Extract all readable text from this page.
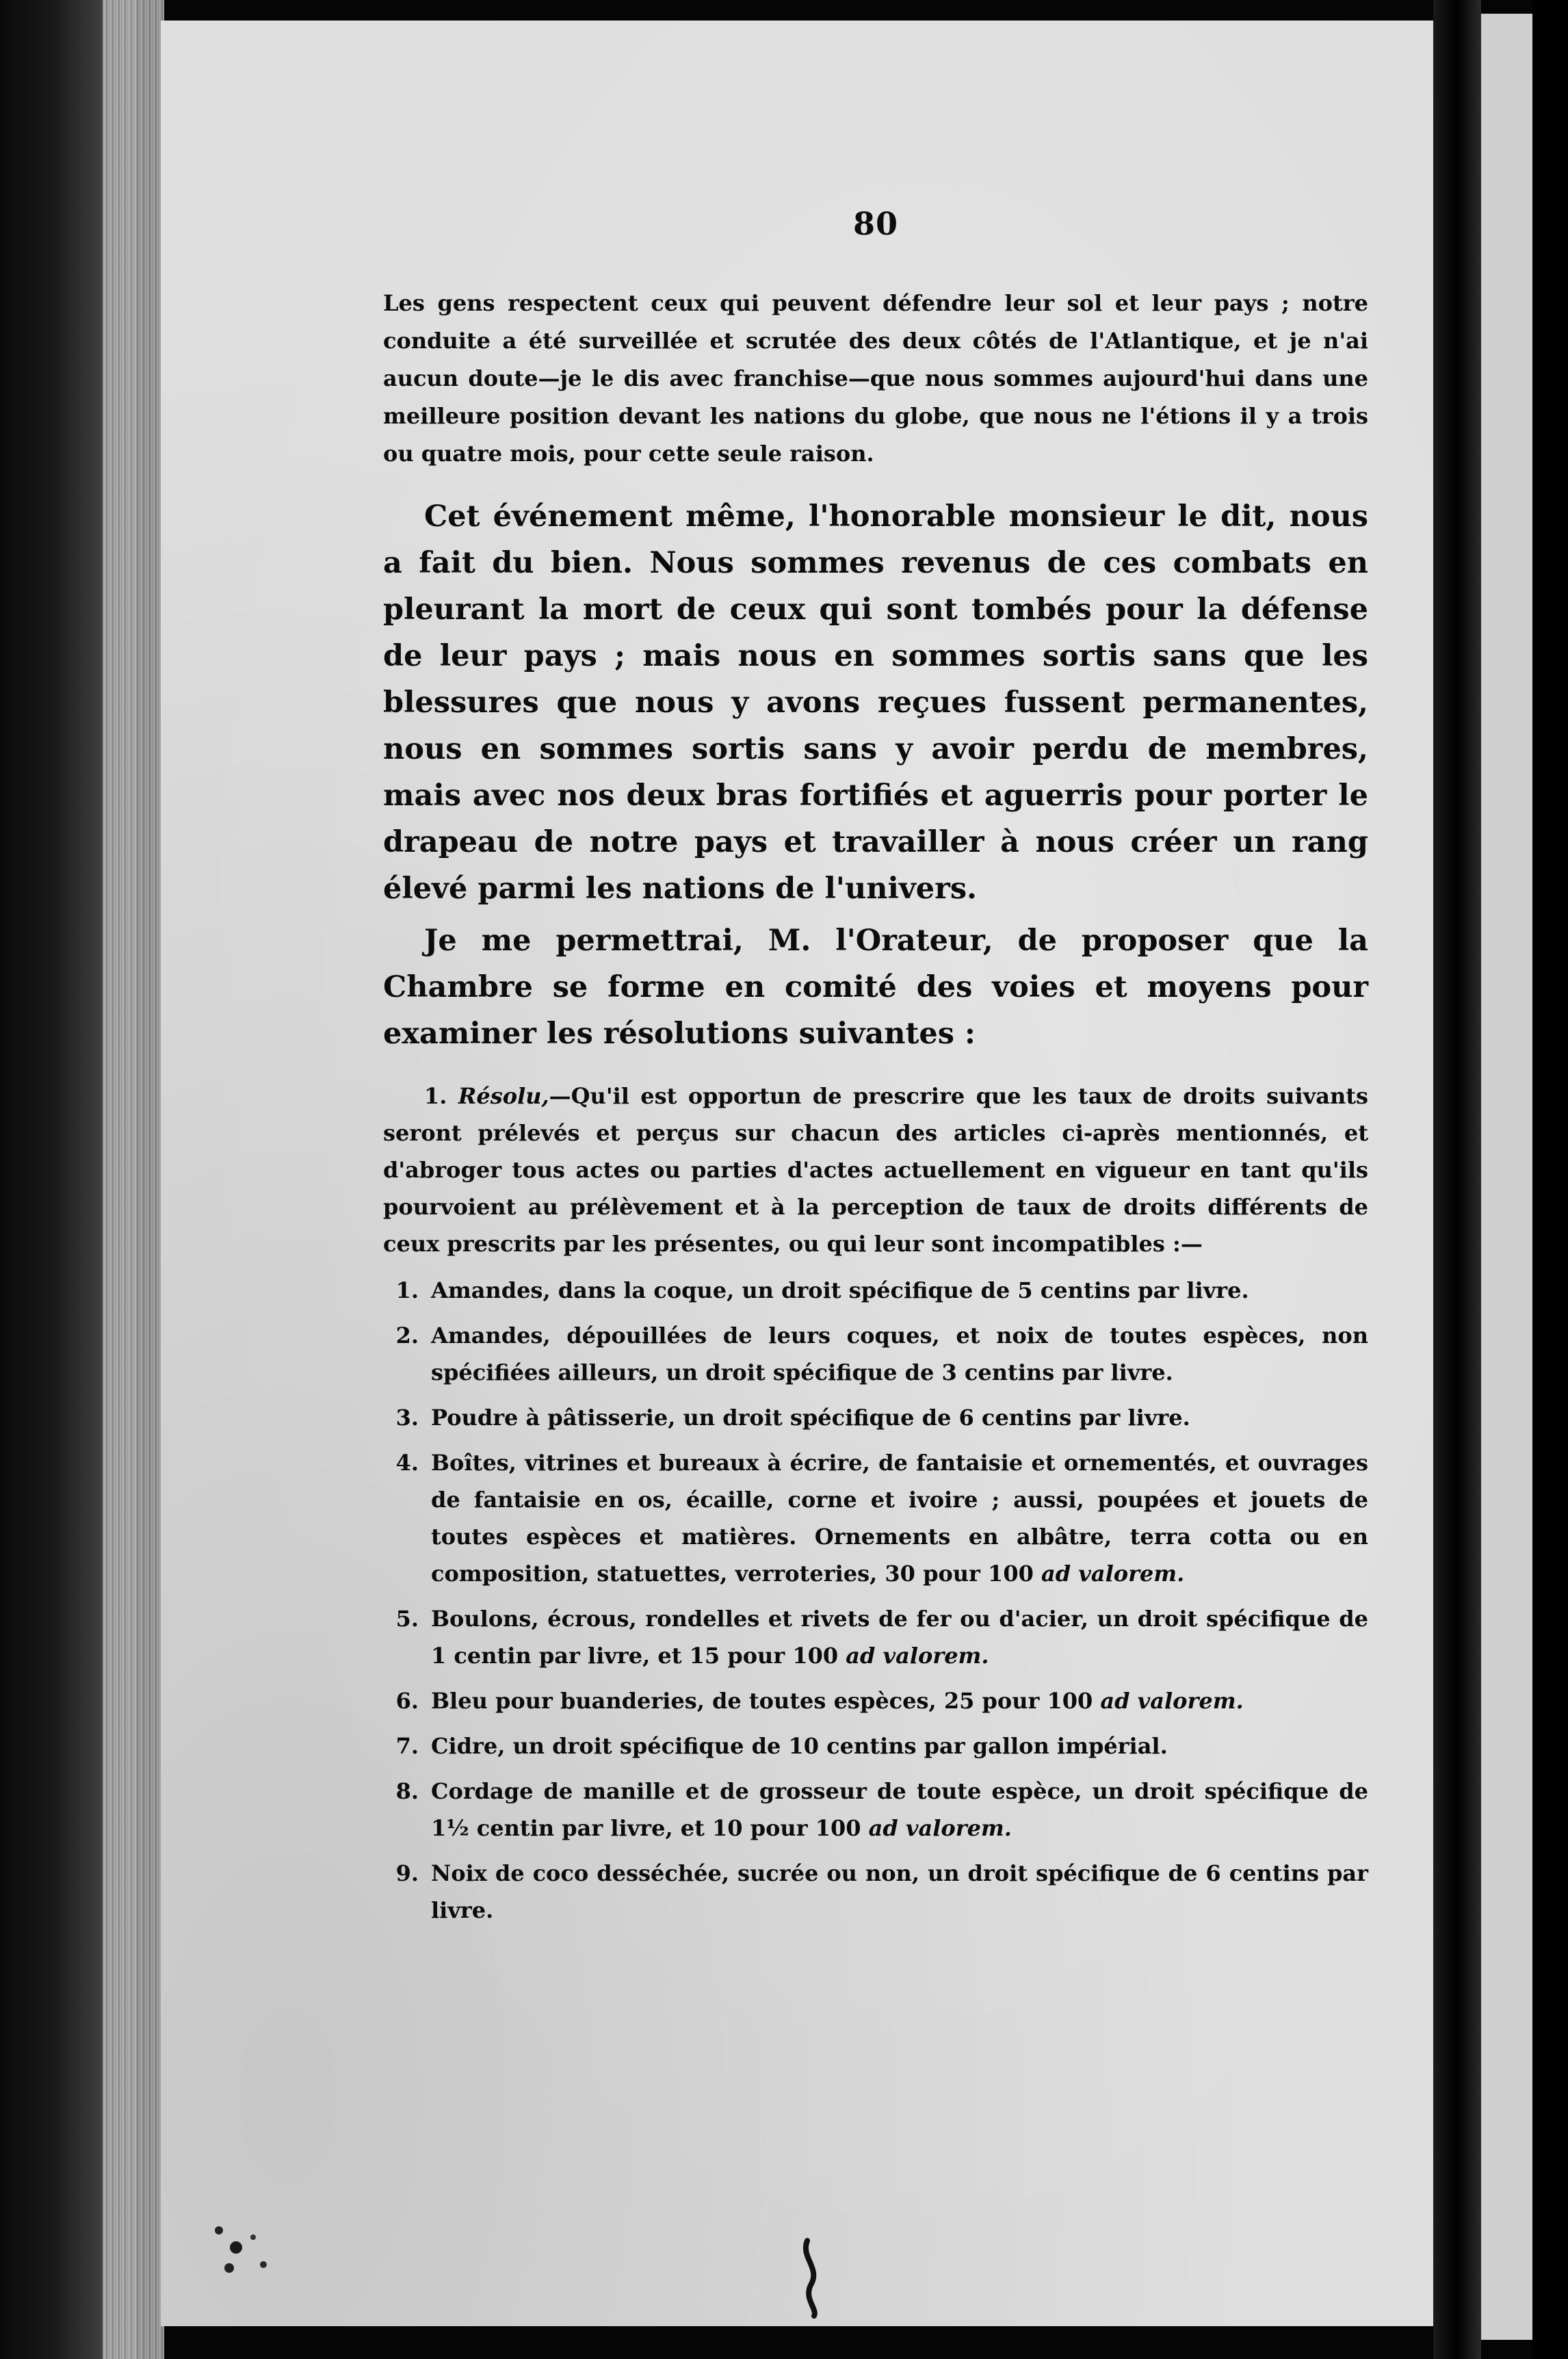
80

Les gens respectent ceux qui peuvent défendre leur sol et leur pays ; notre conduite a été surveillée et scrutée des deux côtés de l'Atlantique, et je n'ai aucun doute—je le dis avec franchise—que nous sommes aujourd'hui dans une meilleure position devant les nations du globe, que nous ne l'étions il y a trois ou quatre mois, pour cette seule raison.

Cet événement même, l'honorable monsieur le dit, nous a fait du bien. Nous sommes revenus de ces combats en pleurant la mort de ceux qui sont tombés pour la défense de leur pays ; mais nous en sommes sortis sans que les blessures que nous y avons reçues fussent permanentes, nous en sommes sortis sans y avoir perdu de membres, mais avec nos deux bras fortifiés et aguerris pour porter le drapeau de notre pays et travailler à nous créer un rang élevé parmi les nations de l'univers.

Je me permettrai, M. l'Orateur, de proposer que la Chambre se forme en comité des voies et moyens pour examiner les résolutions suivantes :

1. Résolu,—Qu'il est opportun de prescrire que les taux de droits suivants seront prélevés et perçus sur chacun des articles ci-après mentionnés, et d'abroger tous actes ou parties d'actes actuellement en vigueur en tant qu'ils pourvoient au prélèvement et à la perception de taux de droits différents de ceux prescrits par les présentes, ou qui leur sont incompatibles :—

1. Amandes, dans la coque, un droit spécifique de 5 centins par livre.
2. Amandes, dépouillées de leurs coques, et noix de toutes espèces, non spécifiées ailleurs, un droit spécifique de 3 centins par livre.
3. Poudre à pâtisserie, un droit spécifique de 6 centins par livre.
4. Boîtes, vitrines et bureaux à écrire, de fantaisie et ornementés, et ouvrages de fantaisie en os, écaille, corne et ivoire ; aussi, poupées et jouets de toutes espèces et matières. Ornements en albâtre, terra cotta ou en composition, statuettes, verroteries, 30 pour 100 ad valorem.
5. Boulons, écrous, rondelles et rivets de fer ou d'acier, un droit spécifique de 1 centin par livre, et 15 pour 100 ad valorem.
6. Bleu pour buanderies, de toutes espèces, 25 pour 100 ad valorem.
7. Cidre, un droit spécifique de 10 centins par gallon impérial.
8. Cordage de manille et de grosseur de toute espèce, un droit spécifique de 1½ centin par livre, et 10 pour 100 ad valorem.
9. Noix de coco desséchée, sucrée ou non, un droit spécifique de 6 centins par livre.
